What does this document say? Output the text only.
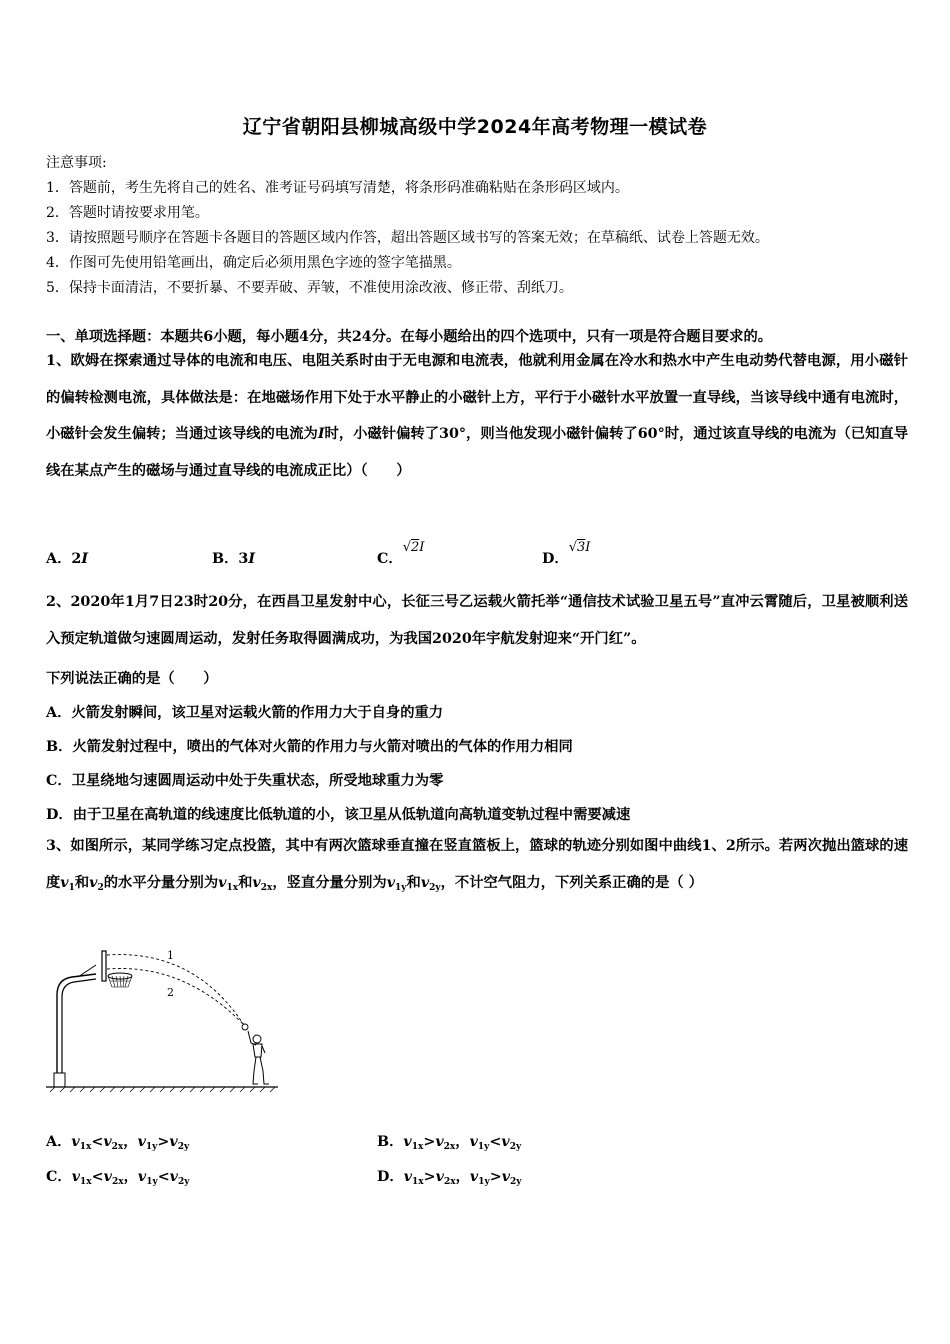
辽宁省朝阳县柳城高级中学2024年高考物理一模试卷
注意事项:
1．答题前，考生先将自己的姓名、准考证号码填写清楚，将条形码准确粘贴在条形码区域内。
2．答题时请按要求用笔。
3．请按照题号顺序在答题卡各题目的答题区域内作答，超出答题区域书写的答案无效；在草稿纸、试卷上答题无效。
4．作图可先使用铅笔画出，确定后必须用黑色字迹的签字笔描黑。
5．保持卡面清洁，不要折暴、不要弄破、弄皱，不准使用涂改液、修正带、刮纸刀。
一、单项选择题：本题共6小题，每小题4分，共24分。在每小题给出的四个选项中，只有一项是符合题目要求的。
1、欧姆在探索通过导体的电流和电压、电阻关系时由于无电源和电流表，他就利用金属在冷水和热水中产生电动势代替电源，用小磁针的偏转检测电流，具体做法是：在地磁场作用下处于水平静止的小磁针上方，平行于小磁针水平放置一直导线，当该导线中通有电流时，小磁针会发生偏转；当通过该导线的电流为I时，小磁针偏转了30°，则当他发现小磁针偏转了60°时，通过该直导线的电流为（已知直导线在某点产生的磁场与通过直导线的电流成正比）（　　）
A．2I	B．3I	C．√2I
D．√3I
2、2020年1月7日23时20分，在西昌卫星发射中心，长征三号乙运载火箭托举“通信技术试验卫星五号”直冲云霄随后，卫星被顺利送入预定轨道做匀速圆周运动，发射任务取得圆满成功，为我国2020年宇航发射迎来“开门红”。
下列说法正确的是（　　）
A．火箭发射瞬间，该卫星对运载火箭的作用力大于自身的重力
B．火箭发射过程中，喷出的气体对火箭的作用力与火箭对喷出的气体的作用力相同
C．卫星绕地匀速圆周运动中处于失重状态，所受地球重力为零
D．由于卫星在高轨道的线速度比低轨道的小，该卫星从低轨道向高轨道变轨过程中需要减速
3、如图所示，某同学练习定点投篮，其中有两次篮球垂直撞在竖直篮板上，篮球的轨迹分别如图中曲线1、2所示。若两次抛出篮球的速度$v_1$和$v_2$的水平分量分别为$v_{1x}$和$v_{2x}$，竖直分量分别为$v_{1y}$和$v_{2y}$，不计空气阻力，下列关系正确的是（ ）
1
2
A．$v_{1x}<v_{2x}$，$v_{1y}>v_{2y}$	B．$v_{1x}>v_{2x}$，$v_{1y}<v_{2y}$
C．$v_{1x}<v_{2x}$，$v_{1y}<v_{2y}$	D．$v_{1x}>v_{2x}$，$v_{1y}>v_{2y}$
